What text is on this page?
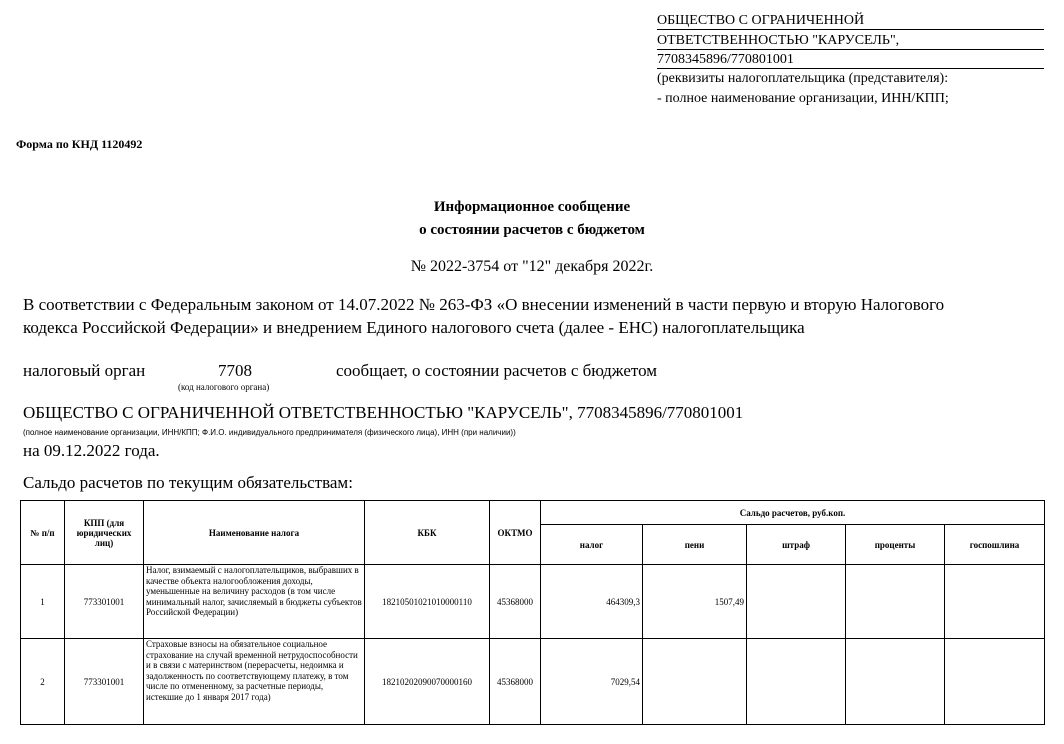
ОБЩЕСТВО С ОГРАНИЧЕННОЙ
ОТВЕТСТВЕННОСТЬЮ "КАРУСЕЛЬ",
7708345896/770801001
(реквизиты налогоплательщика (представителя):
- полное наименование организации, ИНН/КПП;
Форма по КНД 1120492
Информационное сообщение
о состоянии расчетов с бюджетом
№ 2022-3754 от "12" декабря 2022г.
В соответствии с Федеральным законом от 14.07.2022 № 263-ФЗ «О внесении изменений в части первую и вторую Налогового
кодекса Российской Федерации» и внедрением Единого налогового счета (далее - ЕНС) налогоплательщика
налоговый орган	7708
(код налогового органа)
сообщает, о состоянии расчетов с бюджетом
ОБЩЕСТВО С ОГРАНИЧЕННОЙ ОТВЕТСТВЕННОСТЬЮ "КАРУСЕЛЬ", 7708345896/770801001
(полное наименование организации, ИНН/КПП; Ф.И.О. индивидуального предпринимателя (физического лица), ИНН (при наличии))
на 09.12.2022 года.
Сальдо расчетов по текущим обязательствам:
№ п/п	КПП (для юридических лиц)	Наименование налога	КБК	ОКТМО	Сальдо расчетов, руб.коп.				
					налог	пени	штраф	проценты	госпошлина
1	773301001	Налог, взимаемый с налогоплательщиков, выбравших в качестве объекта налогообложения доходы, уменьшенные на величину расходов (в том числе минимальный налог, зачисляемый в бюджеты субъектов Российской Федерации)	18210501021010000110	45368000	464309,3	1507,49			
2	773301001	Страховые взносы на обязательное социальное страхование на случай временной нетрудоспособности и в связи с материнством (перерасчеты, недоимка и задолженность по соответствующему платежу, в том числе по отмененному, за расчетные периоды, истекшие до 1 января 2017 года)	18210202090070000160	45368000	7029,54				
